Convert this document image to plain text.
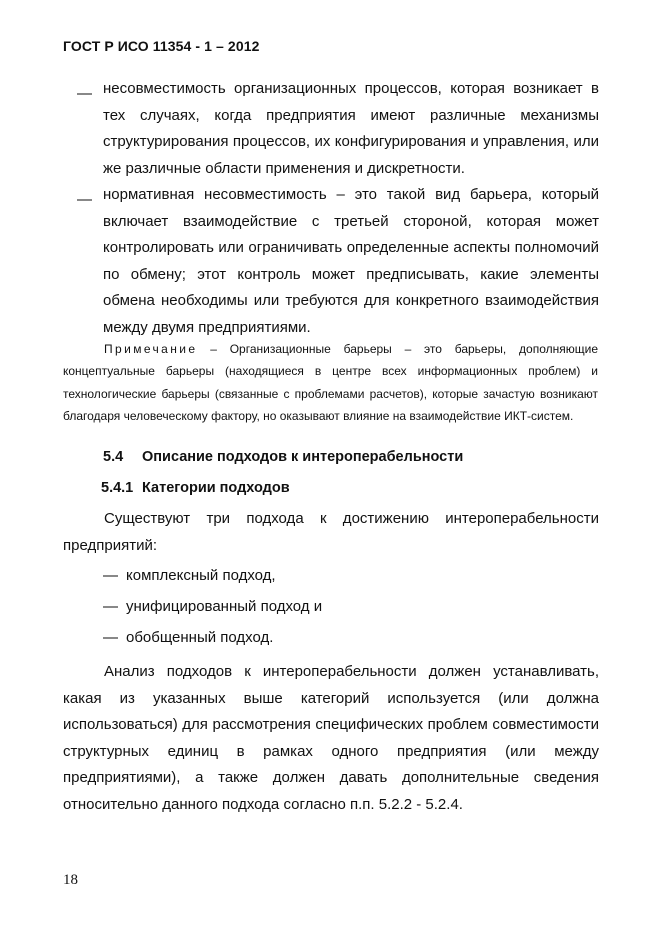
ГОСТ Р ИСО 11354 - 1 – 2012
— несовместимость организационных процессов, которая возникает в тех случаях, когда предприятия имеют различные механизмы структурирования процессов, их конфигурирования и управления, или же различные области применения и дискретности.
— нормативная несовместимость – это такой вид барьера, который включает взаимодействие с третьей стороной, которая может контролировать или ограничивать определенные аспекты полномочий по обмену; этот контроль может предписывать, какие элементы обмена необходимы или требуются для конкретного взаимодействия между двумя предприятиями.
Примечание – Организационные барьеры – это барьеры, дополняющие концептуальные барьеры (находящиеся в центре всех информационных проблем) и технологические барьеры (связанные с проблемами расчетов), которые зачастую возникают благодаря человеческому фактору, но оказывают влияние на взаимодействие ИКТ-систем.
5.4 Описание подходов к интероперабельности
5.4.1 Категории подходов
Существуют три подхода к достижению интероперабельности предприятий:
— комплексный подход,
— унифицированный подход и
— обобщенный подход.
Анализ подходов к интероперабельности должен устанавливать, какая из указанных выше категорий используется (или должна использоваться) для рассмотрения специфических проблем совместимости структурных единиц в рамках одного предприятия (или между предприятиями), а также должен давать дополнительные сведения относительно данного подхода согласно п.п. 5.2.2 - 5.2.4.
18
